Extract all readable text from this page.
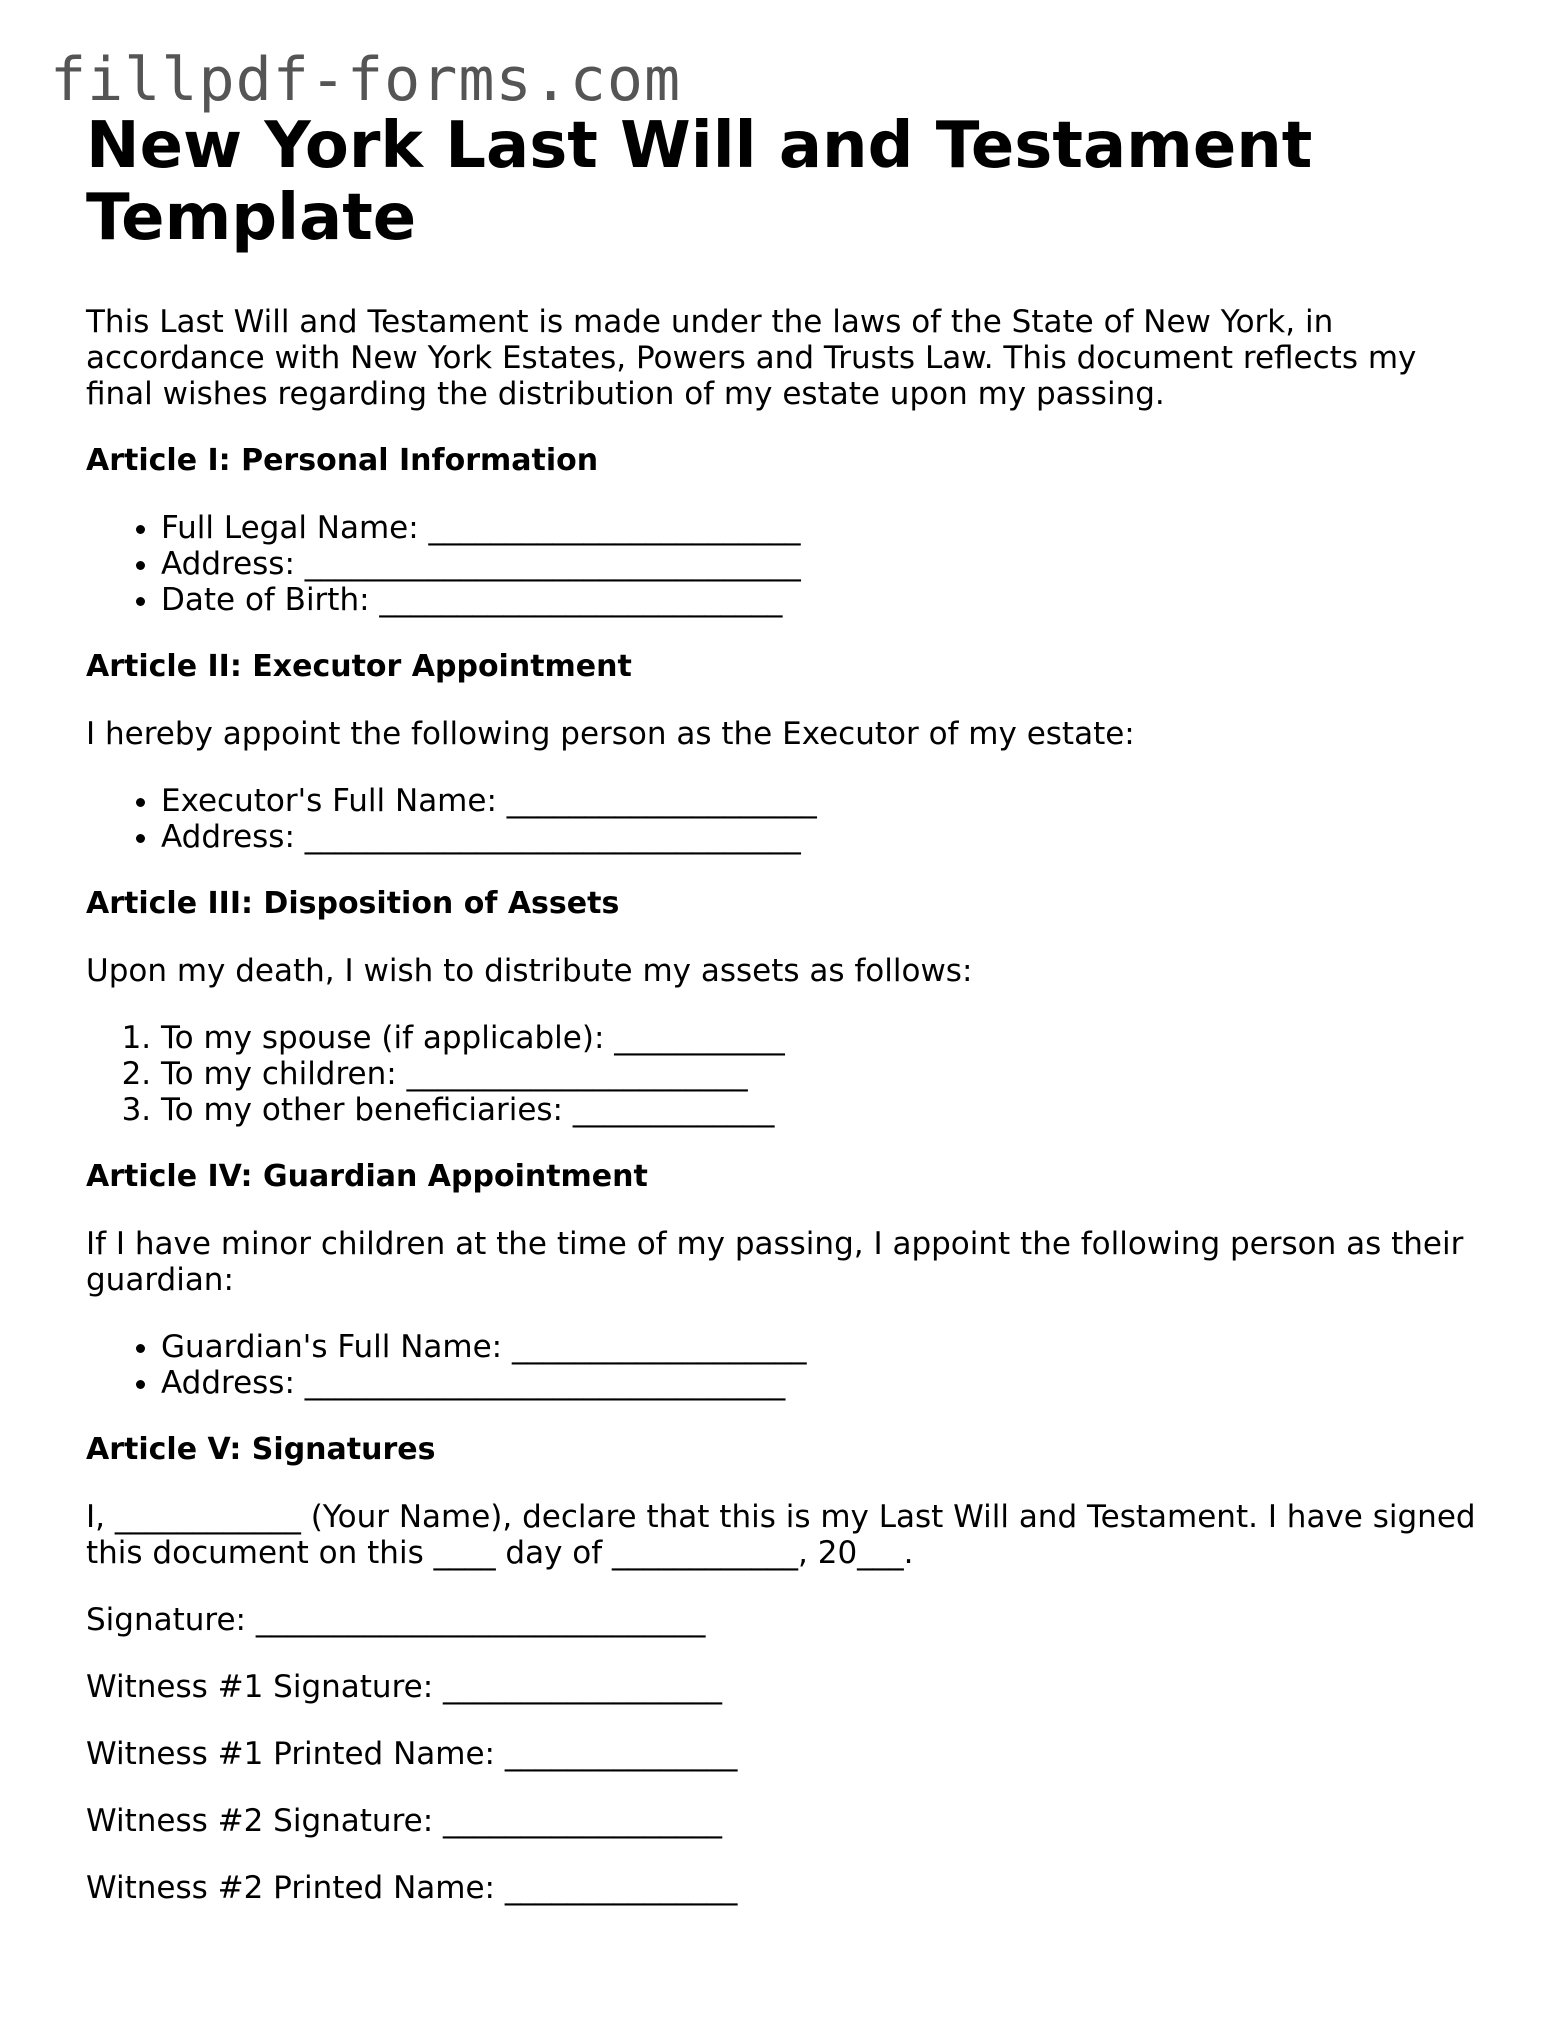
fillpdf-forms.com
New York Last Will and Testament Template

This Last Will and Testament is made under the laws of the State of New York, in accordance with New York Estates, Powers and Trusts Law. This document reflects my final wishes regarding the distribution of my estate upon my passing.

Article I: Personal Information
• Full Legal Name: ________________________
• Address: ________________________________
• Date of Birth: __________________________
Article II: Executor Appointment

I hereby appoint the following person as the Executor of my estate:

• Executor's Full Name: ____________________
• Address: ________________________________
Article III: Disposition of Assets

Upon my death, I wish to distribute my assets as follows:

1. To my spouse (if applicable): ___________
2. To my children: ______________________
3. To my other beneficiaries: _____________
Article IV: Guardian Appointment

If I have minor children at the time of my passing, I appoint the following person as their guardian:

• Guardian's Full Name: ___________________
• Address: _______________________________
Article V: Signatures

I, ____________ (Your Name), declare that this is my Last Will and Testament. I have signed this document on this ____ day of ____________, 20___.

Signature: _____________________________

Witness #1 Signature: __________________

Witness #1 Printed Name: _______________

Witness #2 Signature: __________________

Witness #2 Printed Name: _______________
